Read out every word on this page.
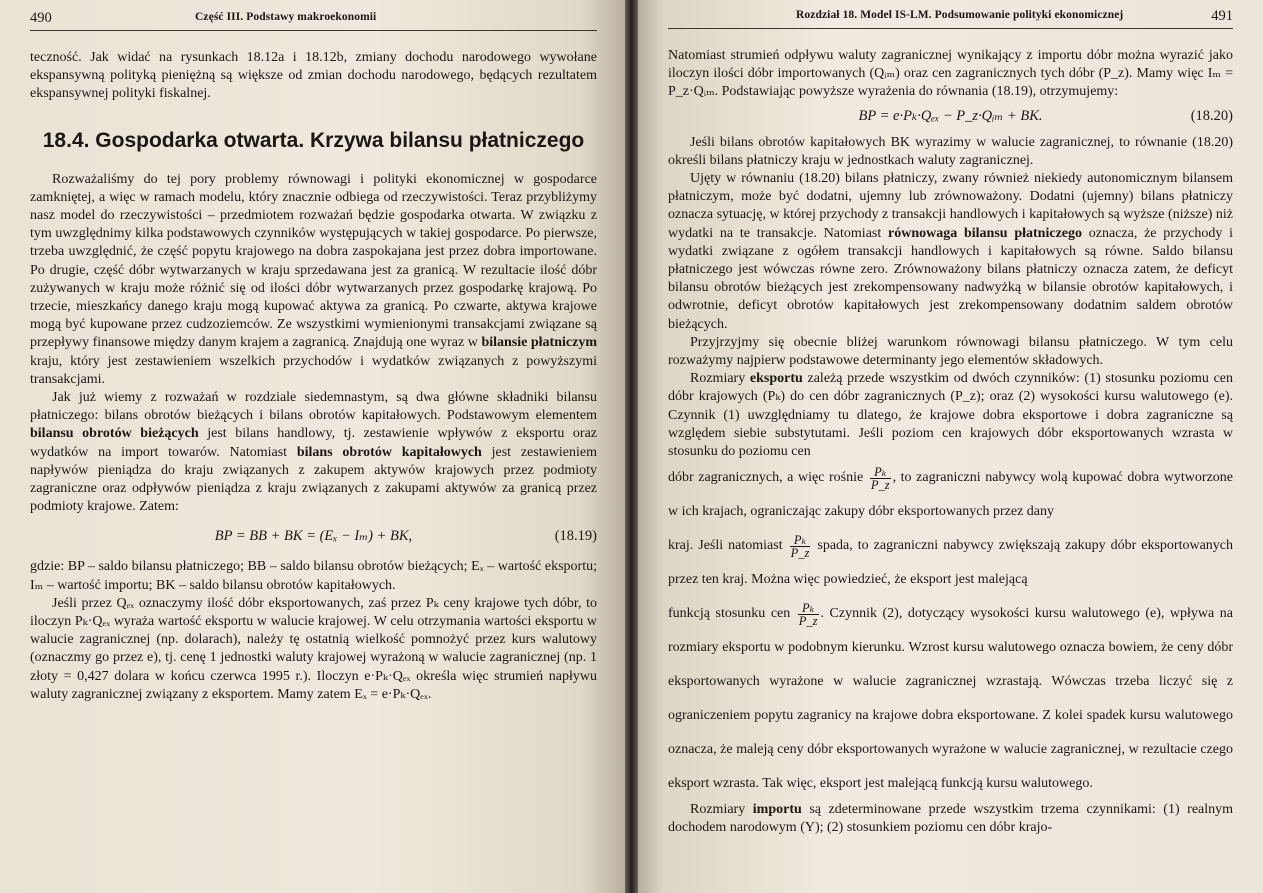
490	Część III. Podstawy makroekonomii

teczność. Jak widać na rysunkach 18.12a i 18.12b, zmiany dochodu narodowego wywołane ekspansywną polityką pieniężną są większe od zmian dochodu narodowego, będących rezultatem ekspansywnej polityki fiskalnej.

18.4. Gospodarka otwarta. Krzywa bilansu płatniczego

Rozważaliśmy do tej pory problemy równowagi i polityki ekonomicznej w gospodarce zamkniętej, a więc w ramach modelu, który znacznie odbiega od rzeczywistości. Teraz przybliżymy nasz model do rzeczywistości – przedmiotem rozważań będzie gospodarka otwarta. W związku z tym uwzględnimy kilka podstawowych czynników występujących w takiej gospodarce. Po pierwsze, trzeba uwzględnić, że część popytu krajowego na dobra zaspokajana jest przez dobra importowane. Po drugie, część dóbr wytwarzanych w kraju sprzedawana jest za granicą. W rezultacie ilość dóbr zużywanych w kraju może różnić się od ilości dóbr wytwarzanych przez gospodarkę krajową. Po trzecie, mieszkańcy danego kraju mogą kupować aktywa za granicą. Po czwarte, aktywa krajowe mogą być kupowane przez cudzoziemców. Ze wszystkimi wymienionymi transakcjami związane są przepływy finansowe między danym krajem a zagranicą. Znajdują one wyraz w bilansie płatniczym kraju, który jest zestawieniem wszelkich przychodów i wydatków związanych z powyższymi transakcjami.

Jak już wiemy z rozważań w rozdziale siedemnastym, są dwa główne składniki bilansu płatniczego: bilans obrotów bieżących i bilans obrotów kapitałowych. Podstawowym elementem bilansu obrotów bieżących jest bilans handlowy, tj. zestawienie wpływów z eksportu oraz wydatków na import towarów. Natomiast bilans obrotów kapitałowych jest zestawieniem napływów pieniądza do kraju związanych z zakupem aktywów krajowych przez podmioty zagraniczne oraz odpływów pieniądza z kraju związanych z zakupami aktywów za granicą przez podmioty krajowe. Zatem:

BP = BB + BK = (Eₓ − Iₘ) + BK,	(18.19)

gdzie: BP – saldo bilansu płatniczego; BB – saldo bilansu obrotów bieżących; Eₓ – wartość eksportu; Iₘ – wartość importu; BK – saldo bilansu obrotów kapitałowych.

Jeśli przez Qₑₓ oznaczymy ilość dóbr eksportowanych, zaś przez Pₖ ceny krajowe tych dóbr, to iloczyn Pₖ·Qₑₓ wyraża wartość eksportu w walucie krajowej. W celu otrzymania wartości eksportu w walucie zagranicznej (np. dolarach), należy tę ostatnią wielkość pomnożyć przez kurs walutowy (oznaczmy go przez e), tj. cenę 1 jednostki waluty krajowej wyrażoną w walucie zagranicznej (np. 1 złoty = 0,427 dolara w końcu czerwca 1995 r.). Iloczyn e·Pₖ·Qₑₓ określa więc strumień napływu waluty zagranicznej związany z eksportem. Mamy zatem Eₓ = e·Pₖ·Qₑₓ.

Rozdział 18. Model IS-LM. Podsumowanie polityki ekonomicznej	491

Natomiast strumień odpływu waluty zagranicznej wynikający z importu dóbr można wyrazić jako iloczyn ilości dóbr importowanych (Qᵢₘ) oraz cen zagranicznych tych dóbr (P_z). Mamy więc Iₘ = P_z·Qᵢₘ. Podstawiając powyższe wyrażenia do równania (18.19), otrzymujemy:

BP = e·Pₖ·Qₑₓ − P_z·Qᵢₘ + BK.	(18.20)

Jeśli bilans obrotów kapitałowych BK wyrazimy w walucie zagranicznej, to równanie (18.20) określi bilans płatniczy kraju w jednostkach waluty zagranicznej.

Ujęty w równaniu (18.20) bilans płatniczy, zwany również niekiedy autonomicznym bilansem płatniczym, może być dodatni, ujemny lub zrównoważony. Dodatni (ujemny) bilans płatniczy oznacza sytuację, w której przychody z transakcji handlowych i kapitałowych są wyższe (niższe) niż wydatki na te transakcje. Natomiast równowaga bilansu płatniczego oznacza, że przychody i wydatki związane z ogółem transakcji handlowych i kapitałowych są równe. Saldo bilansu płatniczego jest wówczas równe zero. Zrównoważony bilans płatniczy oznacza zatem, że deficyt bilansu obrotów bieżących jest zrekompensowany nadwyżką w bilansie obrotów kapitałowych, i odwrotnie, deficyt obrotów kapitałowych jest zrekompensowany dodatnim saldem obrotów bieżących.

Przyjrzyjmy się obecnie bliżej warunkom równowagi bilansu płatniczego. W tym celu rozważymy najpierw podstawowe determinanty jego elementów składowych.

Rozmiary eksportu zależą przede wszystkim od dwóch czynników: (1) stosunku poziomu cen dóbr krajowych (Pₖ) do cen dóbr zagranicznych (P_z); oraz (2) wysokości kursu walutowego (e). Czynnik (1) uwzględniamy tu dlatego, że krajowe dobra eksportowe i dobra zagraniczne są względem siebie substytutami. Jeśli poziom cen krajowych dóbr eksportowanych wzrasta w stosunku do poziomu cen

dóbr zagranicznych, a więc rośnie $\frac{\text{Pₖ}}{P\_z}$ , to zagraniczni nabywcy wolą kupować dobra wytworzone w ich krajach, ograniczając zakupy dóbr eksportowanych przez dany

kraj. Jeśli natomiast $\frac{\text{Pₖ}}{P\_z}$ spada, to zagraniczni nabywcy zwiększają zakupy dóbr eksportowanych przez ten kraj. Można więc powiedzieć, że eksport jest malejącą

funkcją stosunku cen $\frac{\text{Pₖ}}{P\_z}$ . Czynnik (2), dotyczący wysokości kursu walutowego (e), wpływa na rozmiary eksportu w podobnym kierunku. Wzrost kursu walutowego oznacza bowiem, że ceny dóbr eksportowanych wyrażone w walucie zagranicznej wzrastają. Wówczas trzeba liczyć się z ograniczeniem popytu zagranicy na krajowe dobra eksportowane. Z kolei spadek kursu walutowego oznacza, że maleją ceny dóbr eksportowanych wyrażone w walucie zagranicznej, w rezultacie czego eksport wzrasta. Tak więc, eksport jest malejącą funkcją kursu walutowego.

Rozmiary importu są zdeterminowane przede wszystkim trzema czynnikami: (1) realnym dochodem narodowym (Y); (2) stosunkiem poziomu cen dóbr krajo-
